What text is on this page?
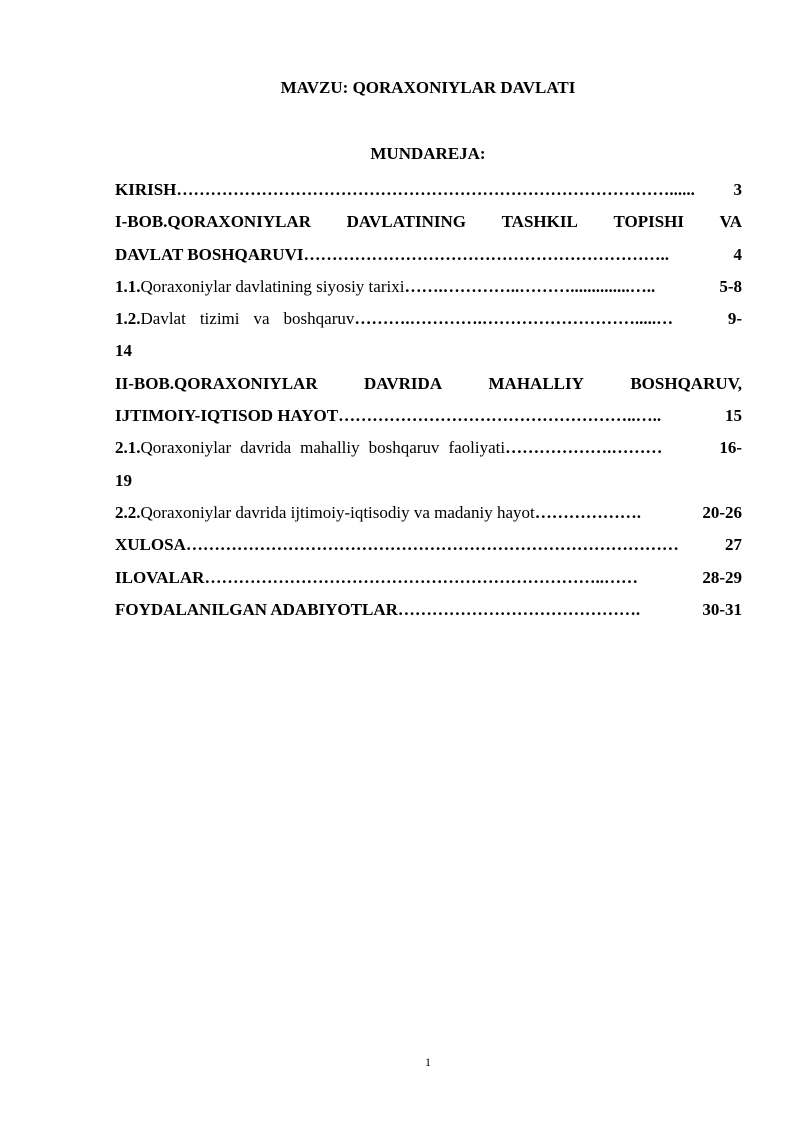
MAVZU: QORAXONIYLAR DAVLATI
MUNDAREJA:
KIRISH ……………………………………………………………………………......	3
I-BOB.QORAXONIYLAR DAVLATINING TASHKIL TOPISHI VA
DAVLAT BOSHQARUVI ………………………………………………………..	4
1.1. Qoraxoniylar davlatining siyosiy tarixi …….…………..………..............…..	5-8
1.2. Davlat tizimi va boshqaruv ……….………….……………………….....…	9-
14
II-BOB.QORAXONIYLAR	DAVRIDA	MAHALLIY	BOSHQARUV,
IJTIMOIY-IQTISOD HAYOT ……………………………………………..…..	15
2.1. Qoraxoniylar davrida mahalliy boshqaruv faoliyati ……………….………	16-
19
2.2. Qoraxoniylar davrida ijtimoiy-iqtisodiy va madaniy hayot ……………….	20-26
XULOSA ……………………………………………………………………………	27
ILOVALAR ……………………………………………………………..……	28-29
FOYDALANILGAN ADABIYOTLAR …………………………………….	30-31
1
